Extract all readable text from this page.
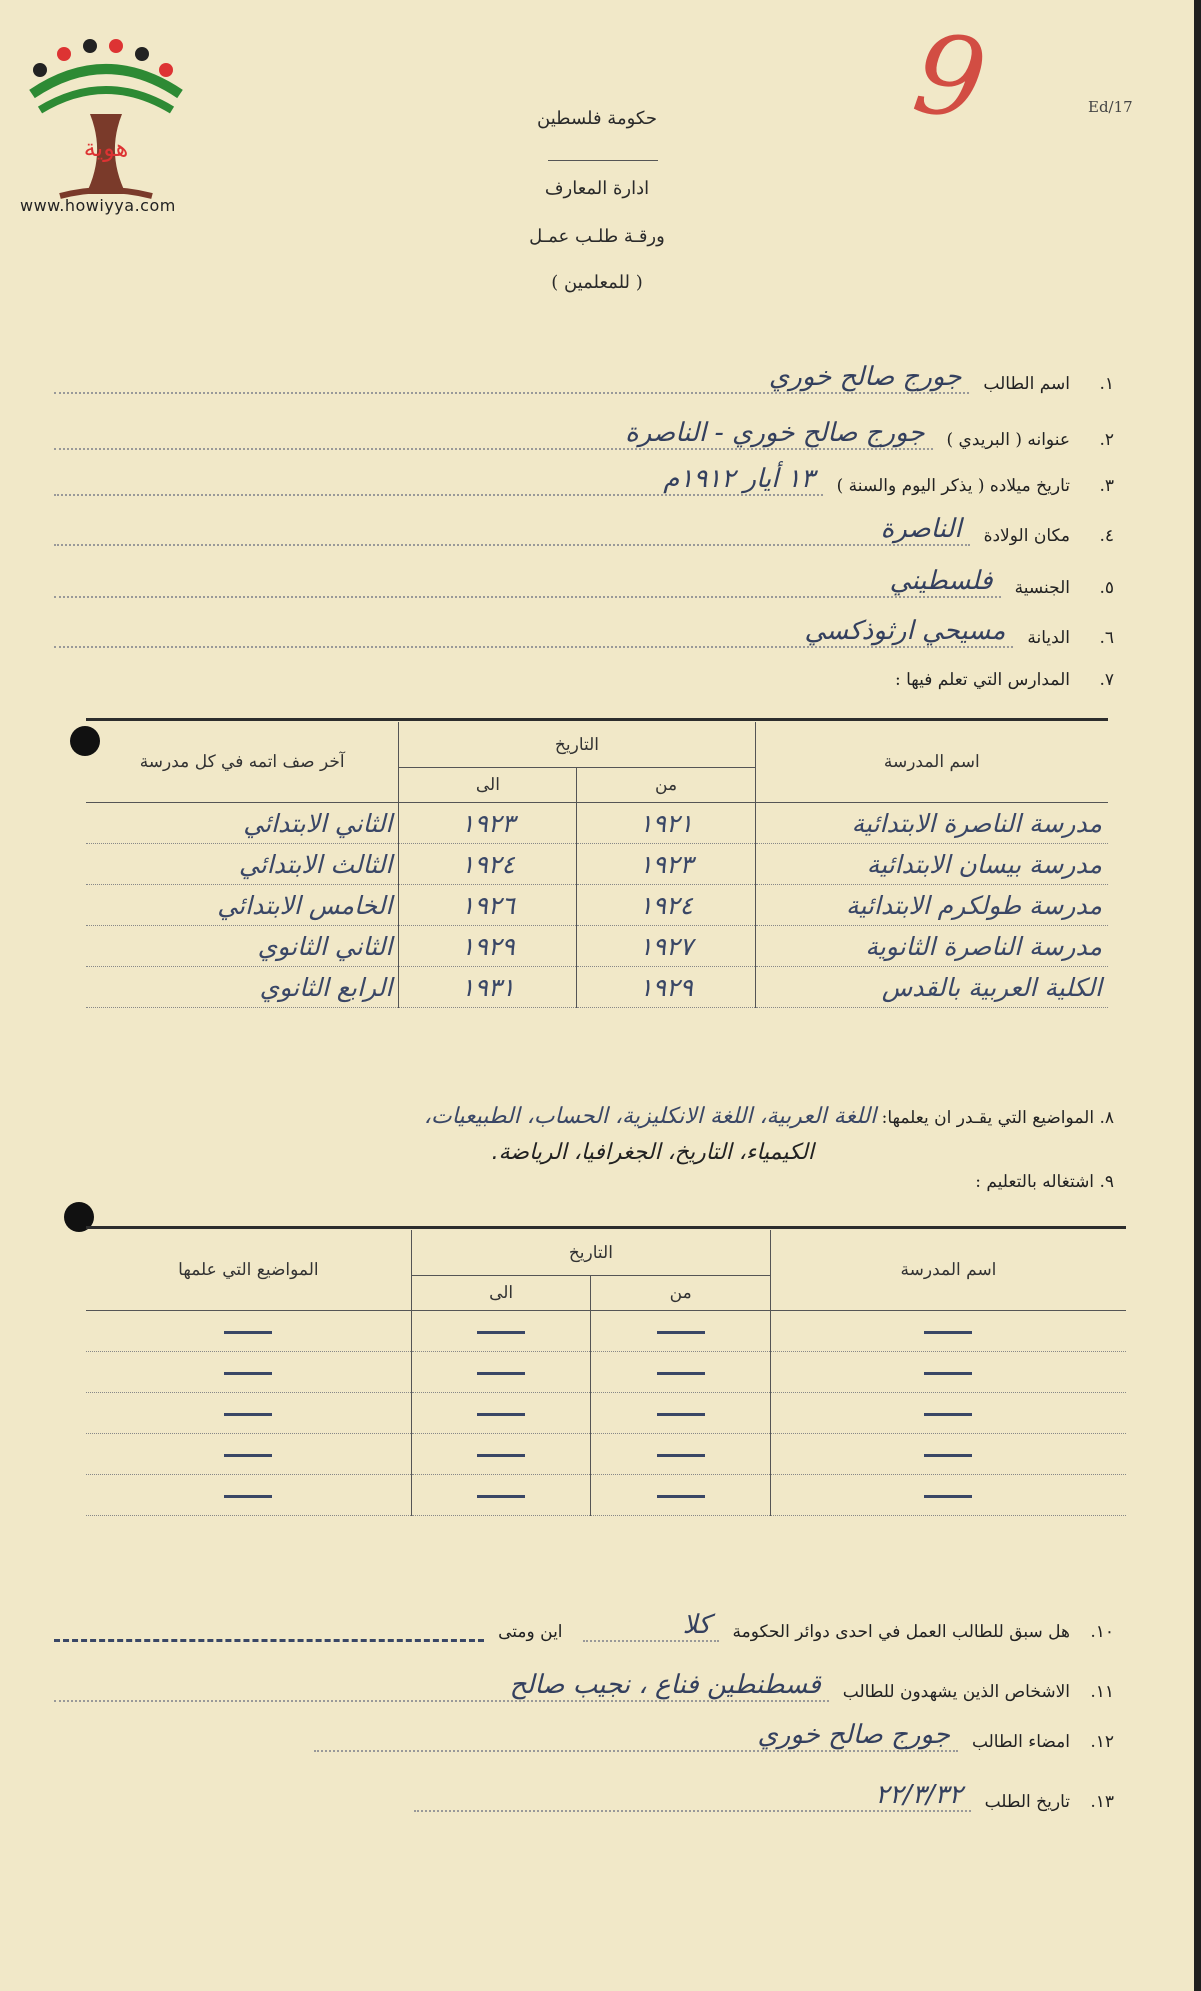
هوية
www.howiyya.com
9	Ed/17
حكومة فلسطين
ادارة المعارف
ورقـة طلـب عمـل
( للمعلمين )
١.
اسم الطالب
جورج صالح خوري
٢.
عنوانه ( البريدي )
جورج صالح خوري - الناصرة
٣.
تاريخ ميلاده ( يذكر اليوم والسنة )
١٣ أيار ١٩١٢م
٤.
مكان الولادة
الناصرة
٥.
الجنسية
فلسطيني
٦.
الديانة
مسيحي ارثوذكسي
٧.
المدارس التي تعلم فيها :
اسم المدرسة	التاريخ		آخر صف اتمه في كل مدرسة
	من	الى	
مدرسة الناصرة الابتدائية	١٩٢١	١٩٢٣	الثاني الابتدائي
مدرسة بيسان الابتدائية	١٩٢٣	١٩٢٤	الثالث الابتدائي
مدرسة طولكرم الابتدائية	١٩٢٤	١٩٢٦	الخامس الابتدائي
مدرسة الناصرة الثانوية	١٩٢٧	١٩٢٩	الثاني الثانوي
الكلية العربية بالقدس	١٩٢٩	١٩٣١	الرابع الثانوي
٨. المواضيع التي يقـدر ان يعلمها: اللغة العربية، اللغة الانكليزية، الحساب، الطبيعيات،
الكيمياء، التاريخ، الجغرافيا، الرياضة.
٩. اشتغاله بالتعليم :
اسم المدرسة	التاريخ		المواضيع التي علمها
	من	الى	

١٠.
هل سبق للطالب العمل في احدى دوائر الحكومة
كلا
اين ومتى
١١.
الاشخاص الذين يشهدون للطالب
قسطنطين فناع ، نجيب صالح
١٢.
امضاء الطالب
جورج صالح خوري
١٣.
تاريخ الطلب
٢٢/٣/٣٢
